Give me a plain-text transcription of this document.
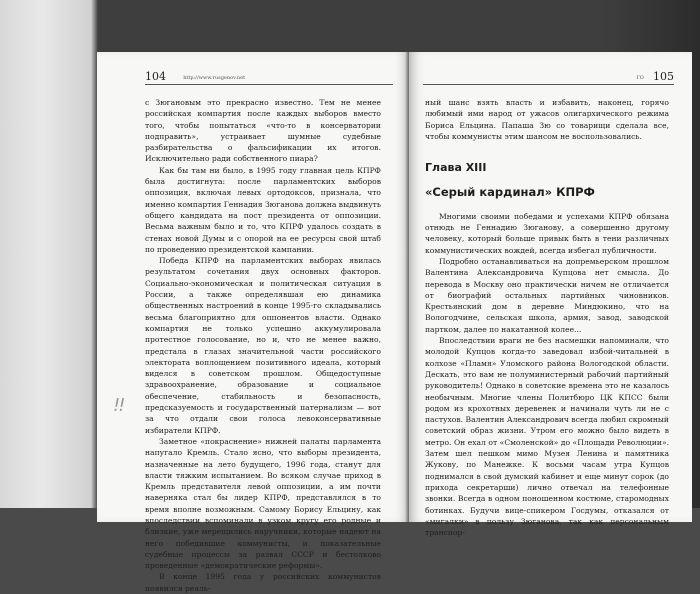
104	http://www.rusgenov.net

с Зюгановым это прекрасно известно. Тем не менее российская компартия после каждых выборов вместо того, чтобы попытаться «что-то в консерватории подправить», устраивает шумные судебные разбирательства о фальсификации их итогов. Исключительно ради собственного пиара?

Как бы там ни было, в 1995 году главная цель КПРФ была достигнута: после парламентских выборов оппозиция, включая левых ортодоксов, признала, что именно компартия Геннадия Зюганова должна выдвинуть общего кандидата на пост президента от оппозиции. Весьма важным было и то, что КПРФ удалось создать в стенах новой Думы и с опорой на ее ресурсы свой штаб по проведению президентской кампании.

Победа КПРФ на парламентских выборах явилась результатом сочетания двух основных факторов. Социально-экономическая и политическая ситуация в России, а также определявшая ею динамика общественных настроений в конце 1995-го складывались весьма благоприятно для оппонентов власти. Однако компартия не только успешно аккумулировала протестное голосование, но и, что не менее важно, предстала в глазах значительной части российского электората воплощением позитивного идеала, который виделся в советском прошлом. Общедоступные здравоохранение, образование и социальное обеспечение, стабильность и безопасность, предсказуемость и государственный патернализм — вот за что отдали свои голоса левоконсервативные избиратели КПРФ.

Заметное «покраснение» нижней палаты парламента напугало Кремль. Стало ясно, что выборы президента, назначенные на лето будущего, 1996 года, станут для власти тяжким испытанием. Во всяком случае приход в Кремль представителя левой оппозиции, а им почти наверняка стал бы лидер КПРФ, представлялся в то время вполне возможным. Самому Борису Ельцину, как впоследствии вспоминали в узком кругу его родные и близкие, уже мерещились наручники, которые надеют на него победившие коммунисты, и показательные судебные процессы за развал СССР и бестолково проведенные «демократические реформы».

В конце 1995 года у российских коммунистов появился реаль-

!!
ГО 105

ный шанс взять власть и избавить, наконец, горячо любимый ими народ от ужасов олигархического режима Бориса Ельцина. Папаша Зю со товарищи сделала все, чтобы коммунисты этим шансом не воспользовались.

Глава XIII
«Серый кардинал» КПРФ

Многими своими победами и успехами КПРФ обязана отнюдь не Геннадию Зюганову, а совершенно другому человеку, который больше привык быть в тени различных коммунистических вождей, всегда избегал публичности.

Подробно останавливаться на допремьерском прошлом Валентина Александровича Купцова нет смысла. До перевода в Москву оно практически ничем не отличается от биографий остальных партийных чиновников. Крестьянский дом в деревне Миндюкино, что на Вологодчине, сельская школа, армия, завод, заводской партком, далее по накатанной колее...

Впоследствии враги не без насмешки напоминали, что молодой Купцов когда-то заведовал избой-читальней в колхозе «Пламя» Уломского района Вологодской области. Дескать, это вам не полуминистерный рабочий партийный руководитель! Однако в советские времена это не казалось необычным. Многие члены Политбюро ЦК КПСС были родом из крохотных деревенек и начинали чуть ли не с пастухов. Валентин Александрович всегда любил скромный советский образ жизни. Утром его можно было видеть в метро. Он ехал от «Смоленской» до «Площади Революции». Затем шел пешком мимо Музея Ленина и памятника Жукову, по Манежке. К восьми часам утра Купцов поднимался в свой думский кабинет и еще минут сорок (до прихода секретарши) лично отвечал на телефонные звонки. Всегда в одном поношенном костюме, старомодных ботинках. Будучи вице-спикером Госдумы, отказался от «мигалки» в пользу Зюганова, так как персональным транспор-
